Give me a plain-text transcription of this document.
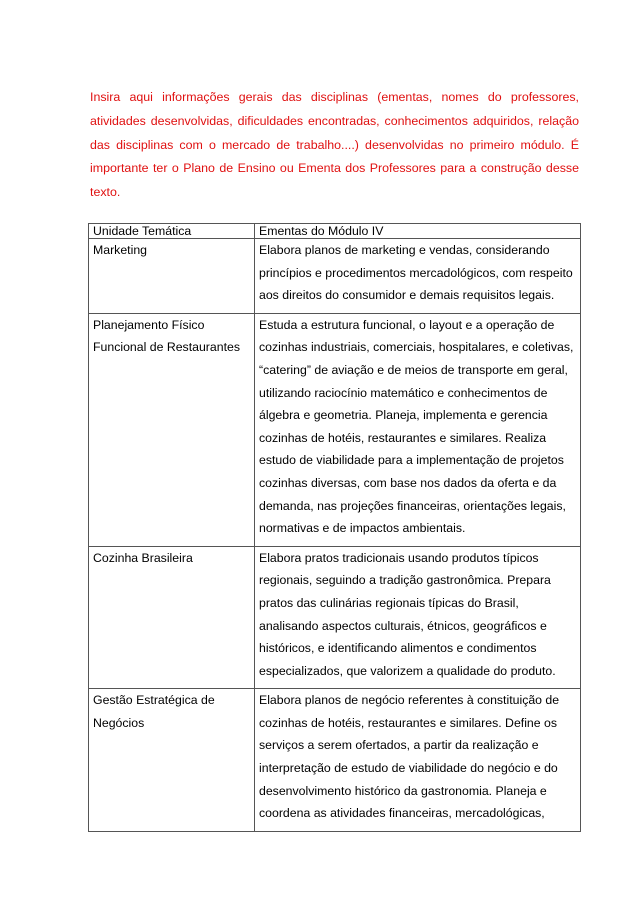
Insira aqui informações gerais das disciplinas (ementas, nomes do professores, atividades desenvolvidas, dificuldades encontradas, conhecimentos adquiridos, relação das disciplinas com o mercado de trabalho....) desenvolvidas no primeiro módulo. É importante ter o Plano de Ensino ou Ementa dos Professores para a construção desse texto.

Unidade Temática	Ementas do Módulo IV
Marketing	Elabora planos de marketing e vendas, considerando princípios e procedimentos mercadológicos, com respeito aos direitos do consumidor e demais requisitos legais.
Planejamento Físico Funcional de Restaurantes	Estuda a estrutura funcional, o layout e a operação de cozinhas industriais, comerciais, hospitalares, e coletivas, “catering” de aviação e de meios de transporte em geral, utilizando raciocínio matemático e conhecimentos de álgebra e geometria. Planeja, implementa e gerencia cozinhas de hotéis, restaurantes e similares. Realiza estudo de viabilidade para a implementação de projetos cozinhas diversas, com base nos dados da oferta e da demanda, nas projeções financeiras, orientações legais, normativas e de impactos ambientais.
Cozinha Brasileira	Elabora pratos tradicionais usando produtos típicos regionais, seguindo a tradição gastronômica. Prepara pratos das culinárias regionais típicas do Brasil, analisando aspectos culturais, étnicos, geográficos e históricos, e identificando alimentos e condimentos especializados, que valorizem a qualidade do produto.
Gestão Estratégica de Negócios	Elabora planos de negócio referentes à constituição de cozinhas de hotéis, restaurantes e similares. Define os serviços a serem ofertados, a partir da realização e interpretação de estudo de viabilidade do negócio e do desenvolvimento histórico da gastronomia. Planeja e coordena as atividades financeiras, mercadológicas,
